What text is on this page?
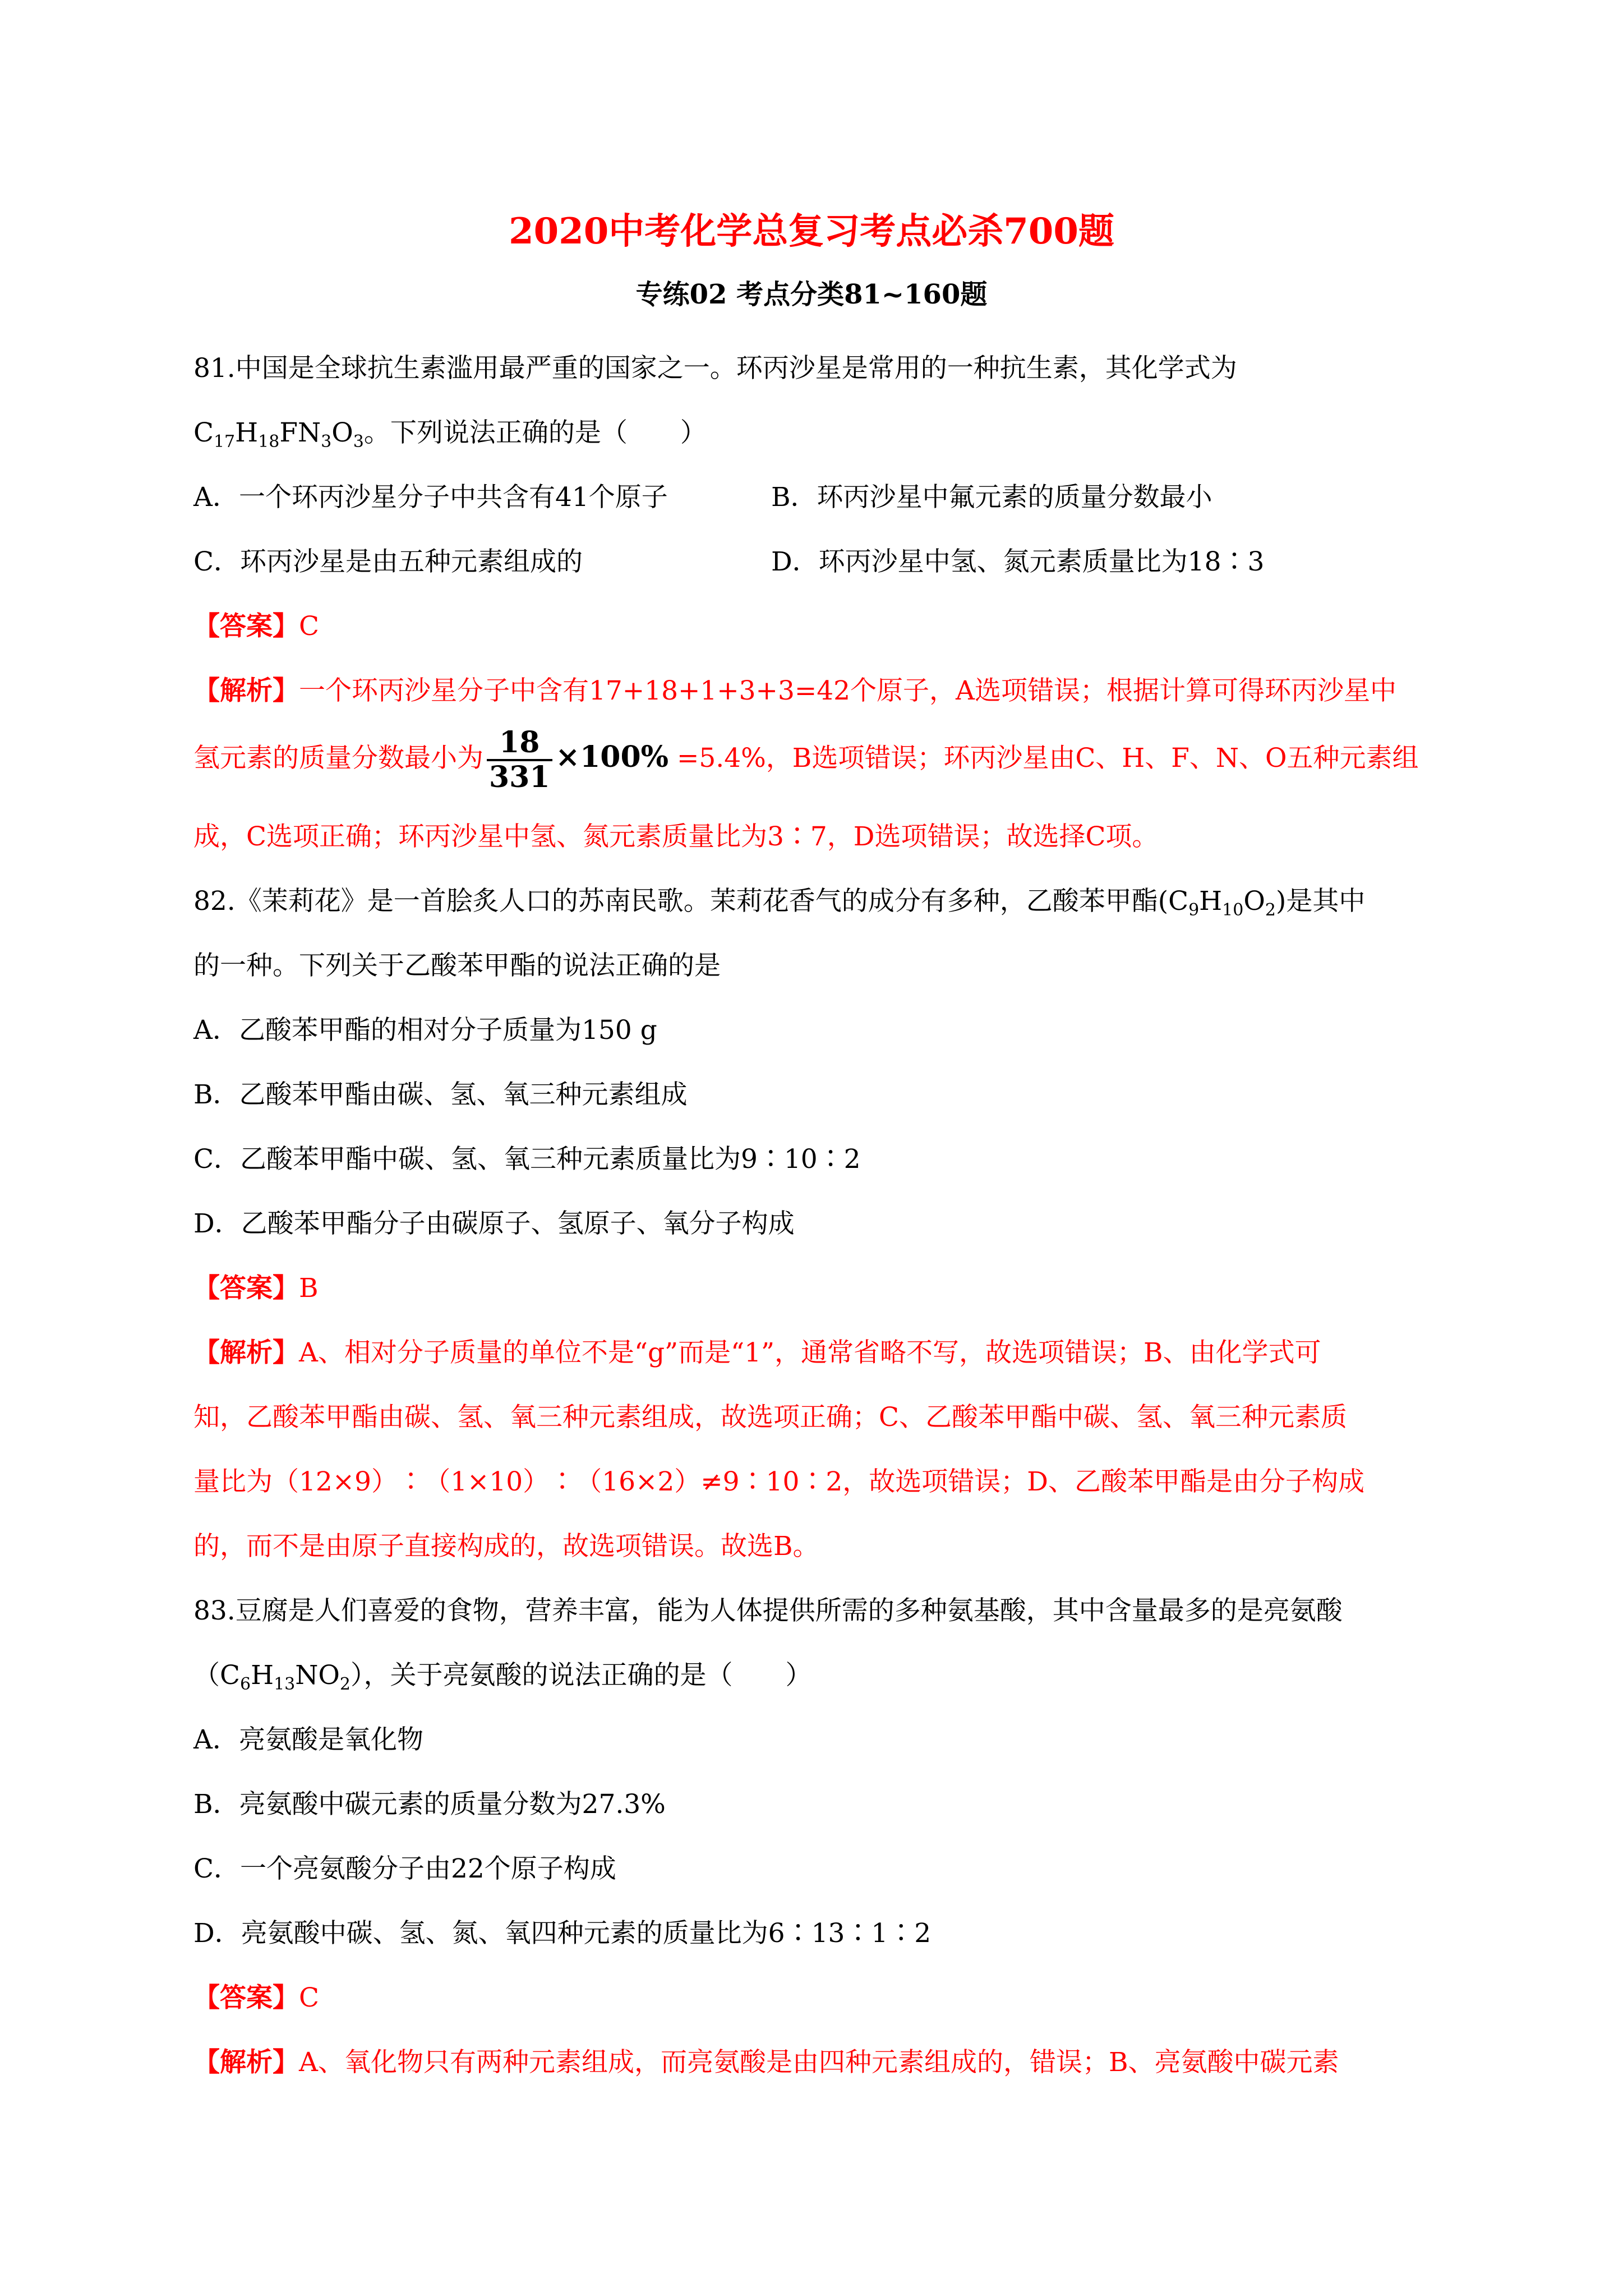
2020中考化学总复习考点必杀700题
专练02 考点分类81~160题
81.中国是全球抗生素滥用最严重的国家之一。环丙沙星是常用的一种抗生素，其化学式为
$C_{17}H_{18}FN_3O_3$。下列说法正确的是（　　）
A．一个环丙沙星分子中共含有41个原子	B．环丙沙星中氟元素的质量分数最小
C．环丙沙星是由五种元素组成的	D．环丙沙星中氢、氮元素质量比为18∶3
【答案】C
【解析】一个环丙沙星分子中含有17+18+1+3+3=42个原子，A选项错误；根据计算可得环丙沙星中
氢元素的质量分数最小为 $\frac{18}{331} \times 100\% =5.4\%$，B选项错误；环丙沙星由C、H、F、N、O五种元素组
成，C选项正确；环丙沙星中氢、氮元素质量比为3∶7，D选项错误；故选择C项。
82.《茉莉花》是一首脍炙人口的苏南民歌。茉莉花香气的成分有多种，乙酸苯甲酯$(C_9H_{10}O_2)$是其中
的一种。下列关于乙酸苯甲酯的说法正确的是
A．乙酸苯甲酯的相对分子质量为150 g
B．乙酸苯甲酯由碳、氢、氧三种元素组成
C．乙酸苯甲酯中碳、氢、氧三种元素质量比为9∶10∶2
D．乙酸苯甲酯分子由碳原子、氢原子、氧分子构成
【答案】B
【解析】A、相对分子质量的单位不是“g”而是“1”，通常省略不写，故选项错误；B、由化学式可
知，乙酸苯甲酯由碳、氢、氧三种元素组成，故选项正确；C、乙酸苯甲酯中碳、氢、氧三种元素质
量比为（12×9）∶（1×10）∶（16×2）≠9∶10∶2，故选项错误；D、乙酸苯甲酯是由分子构成
的，而不是由原子直接构成的，故选项错误。故选B。
83.豆腐是人们喜爱的食物，营养丰富，能为人体提供所需的多种氨基酸，其中含量最多的是亮氨酸
$(C_6H_{13}NO_2)$，关于亮氨酸的说法正确的是（　　）
A．亮氨酸是氧化物
B．亮氨酸中碳元素的质量分数为27.3%
C．一个亮氨酸分子由22个原子构成
D．亮氨酸中碳、氢、氮、氧四种元素的质量比为6∶13∶1∶2
【答案】C
【解析】A、氧化物只有两种元素组成，而亮氨酸是由四种元素组成的，错误；B、亮氨酸中碳元素
